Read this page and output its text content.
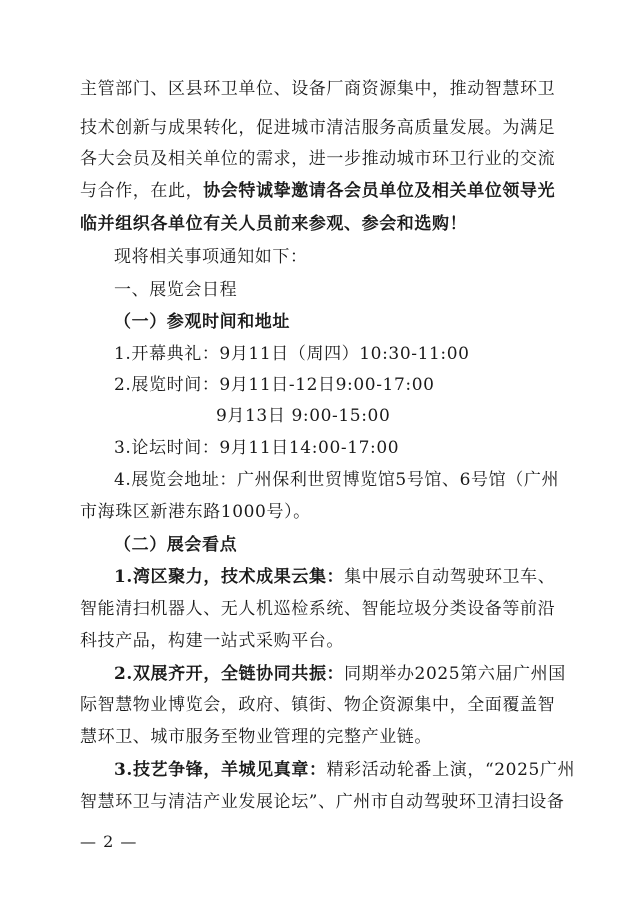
主管部门、区县环卫单位、设备厂商资源集中，推动智慧环卫
技术创新与成果转化，促进城市清洁服务高质量发展。为满足
各大会员及相关单位的需求，进一步推动城市环卫行业的交流
与合作，在此，协会特诚挚邀请各会员单位及相关单位领导光
临并组织各单位有关人员前来参观、参会和选购！
现将相关事项通知如下：
一、展览会日程
（一）参观时间和地址
1.开幕典礼：9月11日（周四）10:30-11:00
2.展览时间：9月11日-12日9:00-17:00
9月13日 9:00-15:00
3.论坛时间：9月11日14:00-17:00
4.展览会地址：广州保利世贸博览馆5号馆、6号馆（广州
市海珠区新港东路1000号）。
（二）展会看点
1.湾区聚力，技术成果云集：集中展示自动驾驶环卫车、
智能清扫机器人、无人机巡检系统、智能垃圾分类设备等前沿
科技产品，构建一站式采购平台。
2.双展齐开，全链协同共振：同期举办2025第六届广州国
际智慧物业博览会，政府、镇街、物企资源集中，全面覆盖智
慧环卫、城市服务至物业管理的完整产业链。
3.技艺争锋，羊城见真章：精彩活动轮番上演，“2025广州
智慧环卫与清洁产业发展论坛”、广州市自动驾驶环卫清扫设备
— 2 —
